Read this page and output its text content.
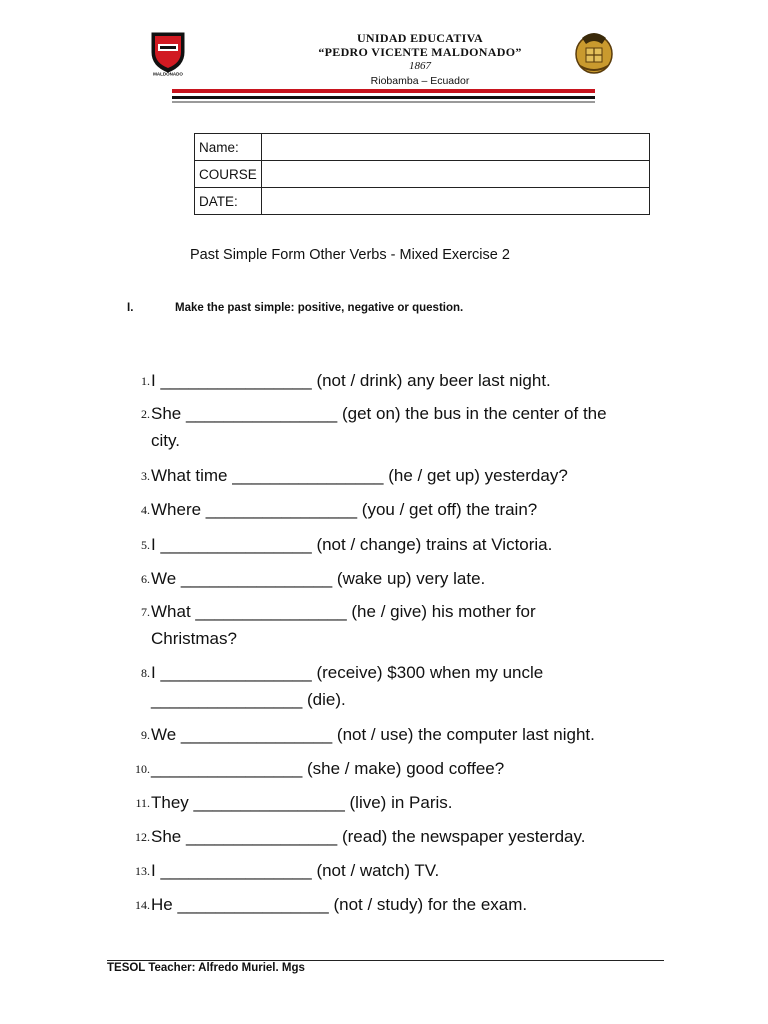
MALDONADO
UNIDAD EDUCATIVA
“PEDRO VICENTE MALDONADO”
1867
Riobamba – Ecuador
Name:	
COURSE	
DATE:	
Past Simple Form Other Verbs - Mixed Exercise 2
I.	Make the past simple: positive, negative or question.
1. I ________________ (not / drink) any beer last night.
2. She ________________ (get on) the bus in the center of the
city.
3. What time ________________ (he / get up) yesterday?
4. Where ________________ (you / get off) the train?
5. I ________________ (not / change) trains at Victoria.
6. We ________________ (wake up) very late.
7. What ________________ (he / give) his mother for
Christmas?
8. I ________________ (receive) $300 when my uncle
________________ (die).
9. We ________________ (not / use) the computer last night.
10. ________________ (she / make) good coffee?
11. They ________________ (live) in Paris.
12. She ________________ (read) the newspaper yesterday.
13. I ________________ (not / watch) TV.
14. He ________________ (not / study) for the exam.
TESOL Teacher: Alfredo Muriel. Mgs
